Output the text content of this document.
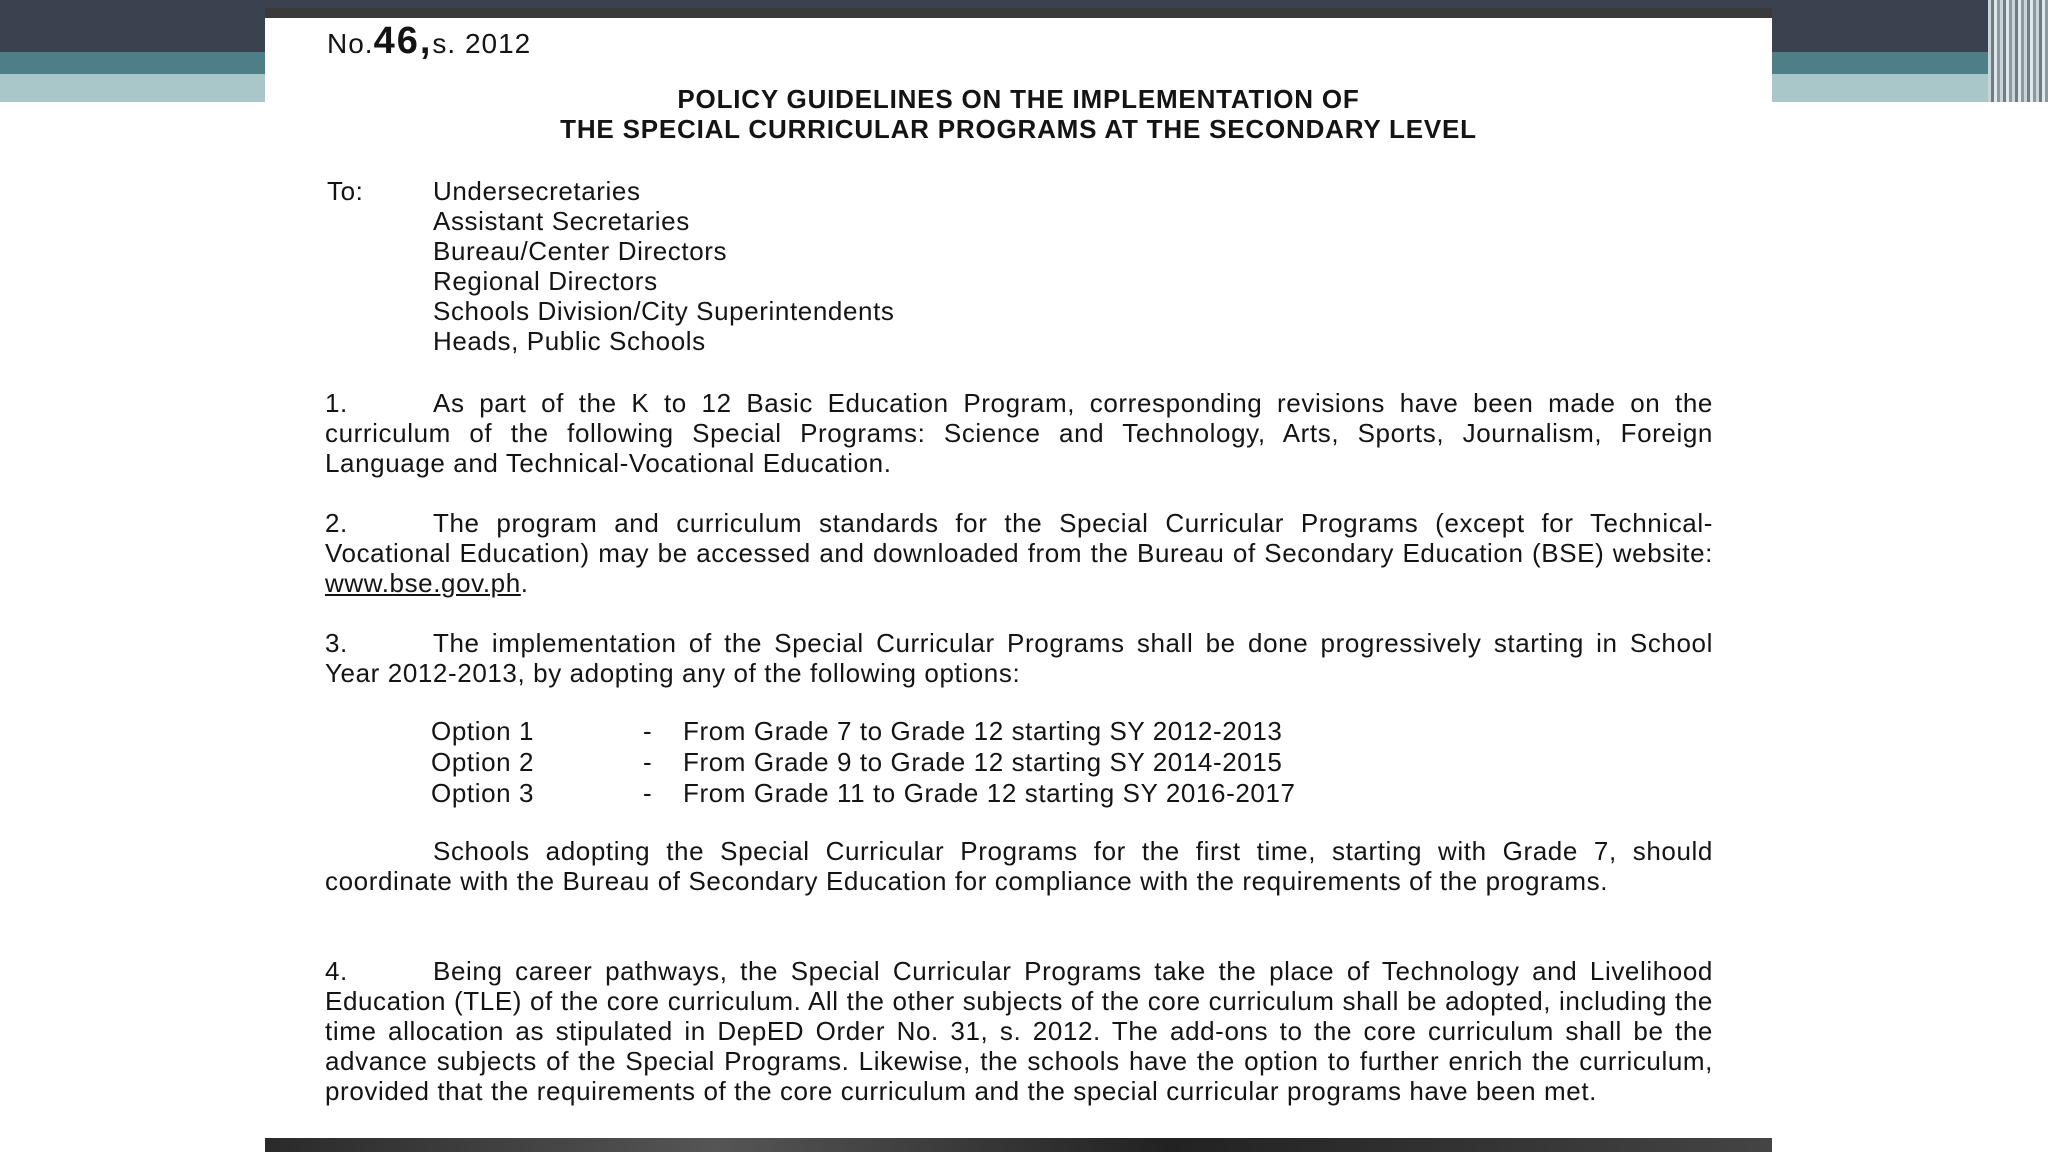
No.46,s. 2012
POLICY GUIDELINES ON THE IMPLEMENTATION OF
THE SPECIAL CURRICULAR PROGRAMS AT THE SECONDARY LEVEL
To:	Undersecretaries
Assistant Secretaries
Bureau/Center Directors
Regional Directors
Schools Division/City Superintendents
Heads, Public Schools
1.	As part of the K to 12 Basic Education Program, corresponding revisions have been made on the curriculum of the following Special Programs: Science and Technology, Arts, Sports, Journalism, Foreign Language and Technical-Vocational Education.
2.	The program and curriculum standards for the Special Curricular Programs (except for Technical-Vocational Education) may be accessed and downloaded from the Bureau of Secondary Education (BSE) website: www.bse.gov.ph.
3.	The implementation of the Special Curricular Programs shall be done progressively starting in School Year 2012-2013, by adopting any of the following options:
Option 1	- From Grade 7 to Grade 12 starting SY 2012-2013
Option 2	- From Grade 9 to Grade 12 starting SY 2014-2015
Option 3	- From Grade 11 to Grade 12 starting SY 2016-2017
Schools adopting the Special Curricular Programs for the first time, starting with Grade 7, should coordinate with the Bureau of Secondary Education for compliance with the requirements of the programs.
4.	Being career pathways, the Special Curricular Programs take the place of Technology and Livelihood Education (TLE) of the core curriculum. All the other subjects of the core curriculum shall be adopted, including the time allocation as stipulated in DepED Order No. 31, s. 2012. The add-ons to the core curriculum shall be the advance subjects of the Special Programs. Likewise, the schools have the option to further enrich the curriculum, provided that the requirements of the core curriculum and the special curricular programs have been met.
